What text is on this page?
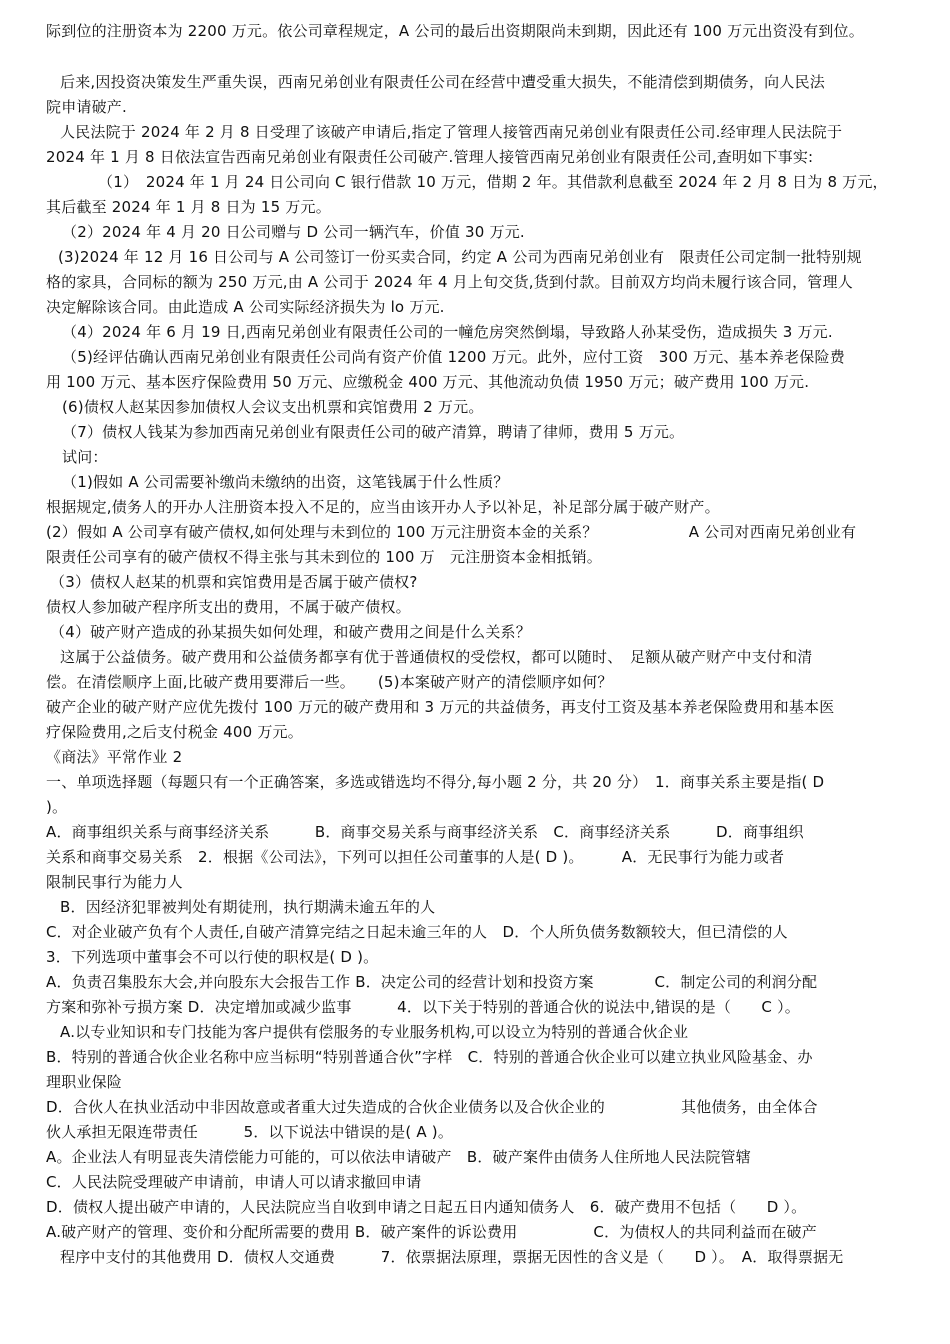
际到位的注册资本为 2200 万元。依公司章程规定，A 公司的最后出资期限尚未到期，因此还有 100 万元出资没有到位。
后来,因投资决策发生严重失误，西南兄弟创业有限责任公司在经营中遭受重大损失，不能清偿到期债务，向人民法
院申请破产.
人民法院于 2024 年 2 月 8 日受理了该破产申请后,指定了管理人接管西南兄弟创业有限责任公司.经审理人民法院于
2024 年 1 月 8 日依法宣告西南兄弟创业有限责任公司破产.管理人接管西南兄弟创业有限责任公司,查明如下事实:
（1）　2024 年 1 月 24 日公司向 C 银行借款 10 万元，借期 2 年。其借款利息截至 2024 年 2 月 8 日为 8 万元，
其后截至 2024 年 1 月 8 日为 15 万元。
（2）2024 年 4 月 20 日公司赠与 D 公司一辆汽车，价值 30 万元.
(3)2024 年 12 月 16 日公司与 A 公司签订一份买卖合同，约定 A 公司为西南兄弟创业有　限责任公司定制一批特别规
格的家具，合同标的额为 250 万元,由 A 公司于 2024 年 4 月上旬交货,货到付款。目前双方均尚未履行该合同，管理人
决定解除该合同。由此造成 A 公司实际经济损失为 lo 万元.
（4）2024 年 6 月 19 日,西南兄弟创业有限责任公司的一幢危房突然倒塌，导致路人孙某受伤，造成损失 3 万元.
（5)经评估确认西南兄弟创业有限责任公司尚有资产价值 1200 万元。此外，应付工资　300 万元、基本养老保险费
用 100 万元、基本医疗保险费用 50 万元、应缴税金 400 万元、其他流动负债 1950 万元；破产费用 100 万元.
(6)债权人赵某因参加债权人会议支出机票和宾馆费用 2 万元。
（7）债权人钱某为参加西南兄弟创业有限责任公司的破产清算，聘请了律师，费用 5 万元。
试问：
（1)假如 A 公司需要补缴尚未缴纳的出资，这笔钱属于什么性质？
根据规定,债务人的开办人注册资本投入不足的，应当由该开办人予以补足，补足部分属于破产财产。
(2）假如 A 公司享有破产债权,如何处理与未到位的 100 万元注册资本金的关系？　　　　　　A 公司对西南兄弟创业有
限责任公司享有的破产债权不得主张与其未到位的 100 万　元注册资本金相抵销。
（3）债权人赵某的机票和宾馆费用是否属于破产债权?
债权人参加破产程序所支出的费用，不属于破产债权。
（4）破产财产造成的孙某损失如何处理，和破产费用之间是什么关系？
这属于公益债务。破产费用和公益债务都享有优于普通债权的受偿权，都可以随时、　足额从破产财产中支付和清
偿。在清偿顺序上面,比破产费用要滞后一些。　　(5)本案破产财产的清偿顺序如何？
破产企业的破产财产应优先拨付 100 万元的破产费用和 3 万元的共益债务，再支付工资及基本养老保险费用和基本医
疗保险费用,之后支付税金 400 万元。
《商法》平常作业 2
一、单项选择题（每题只有一个正确答案，多选或错选均不得分,每小题 2 分，共 20 分）　1．商事关系主要是指( D
)。
A．商事组织关系与商事经济关系　　　B．商事交易关系与商事经济关系　C．商事经济关系　　　D．商事组织
关系和商事交易关系　2．根据《公司法》，下列可以担任公司董事的人是( D )。　　　A．无民事行为能力或者
限制民事行为能力人
B．因经济犯罪被判处有期徒刑，执行期满未逾五年的人
C．对企业破产负有个人责任,自破产清算完结之日起未逾三年的人　D．个人所负债务数额较大，但已清偿的人
3．下列选项中董事会不可以行使的职权是( D )。
A．负责召集股东大会,并向股东大会报告工作 B．决定公司的经营计划和投资方案　　　　C．制定公司的利润分配
方案和弥补亏损方案 D．决定增加或减少监事　　　4．以下关于特别的普通合伙的说法中,错误的是（　　C ）。
A.以专业知识和专门技能为客户提供有偿服务的专业服务机构,可以设立为特别的普通合伙企业
B．特别的普通合伙企业名称中应当标明“特别普通合伙”字样　C．特别的普通合伙企业可以建立执业风险基金、办
理职业保险
D．合伙人在执业活动中非因故意或者重大过失造成的合伙企业债务以及合伙企业的　　　　　其他债务，由全体合
伙人承担无限连带责任　　　5．以下说法中错误的是( A )。
A。企业法人有明显丧失清偿能力可能的，可以依法申请破产　B．破产案件由债务人住所地人民法院管辖
C．人民法院受理破产申请前，申请人可以请求撤回申请
D．债权人提出破产申请的，人民法院应当自收到申请之日起五日内通知债务人　6．破产费用不包括（　　D ）。
A.破产财产的管理、变价和分配所需要的费用 B．破产案件的诉讼费用　　　　　C．为债权人的共同利益而在破产
程序中支付的其他费用 D．债权人交通费　　　7．依票据法原理，票据无因性的含义是（　　D ）。　A．取得票据无
